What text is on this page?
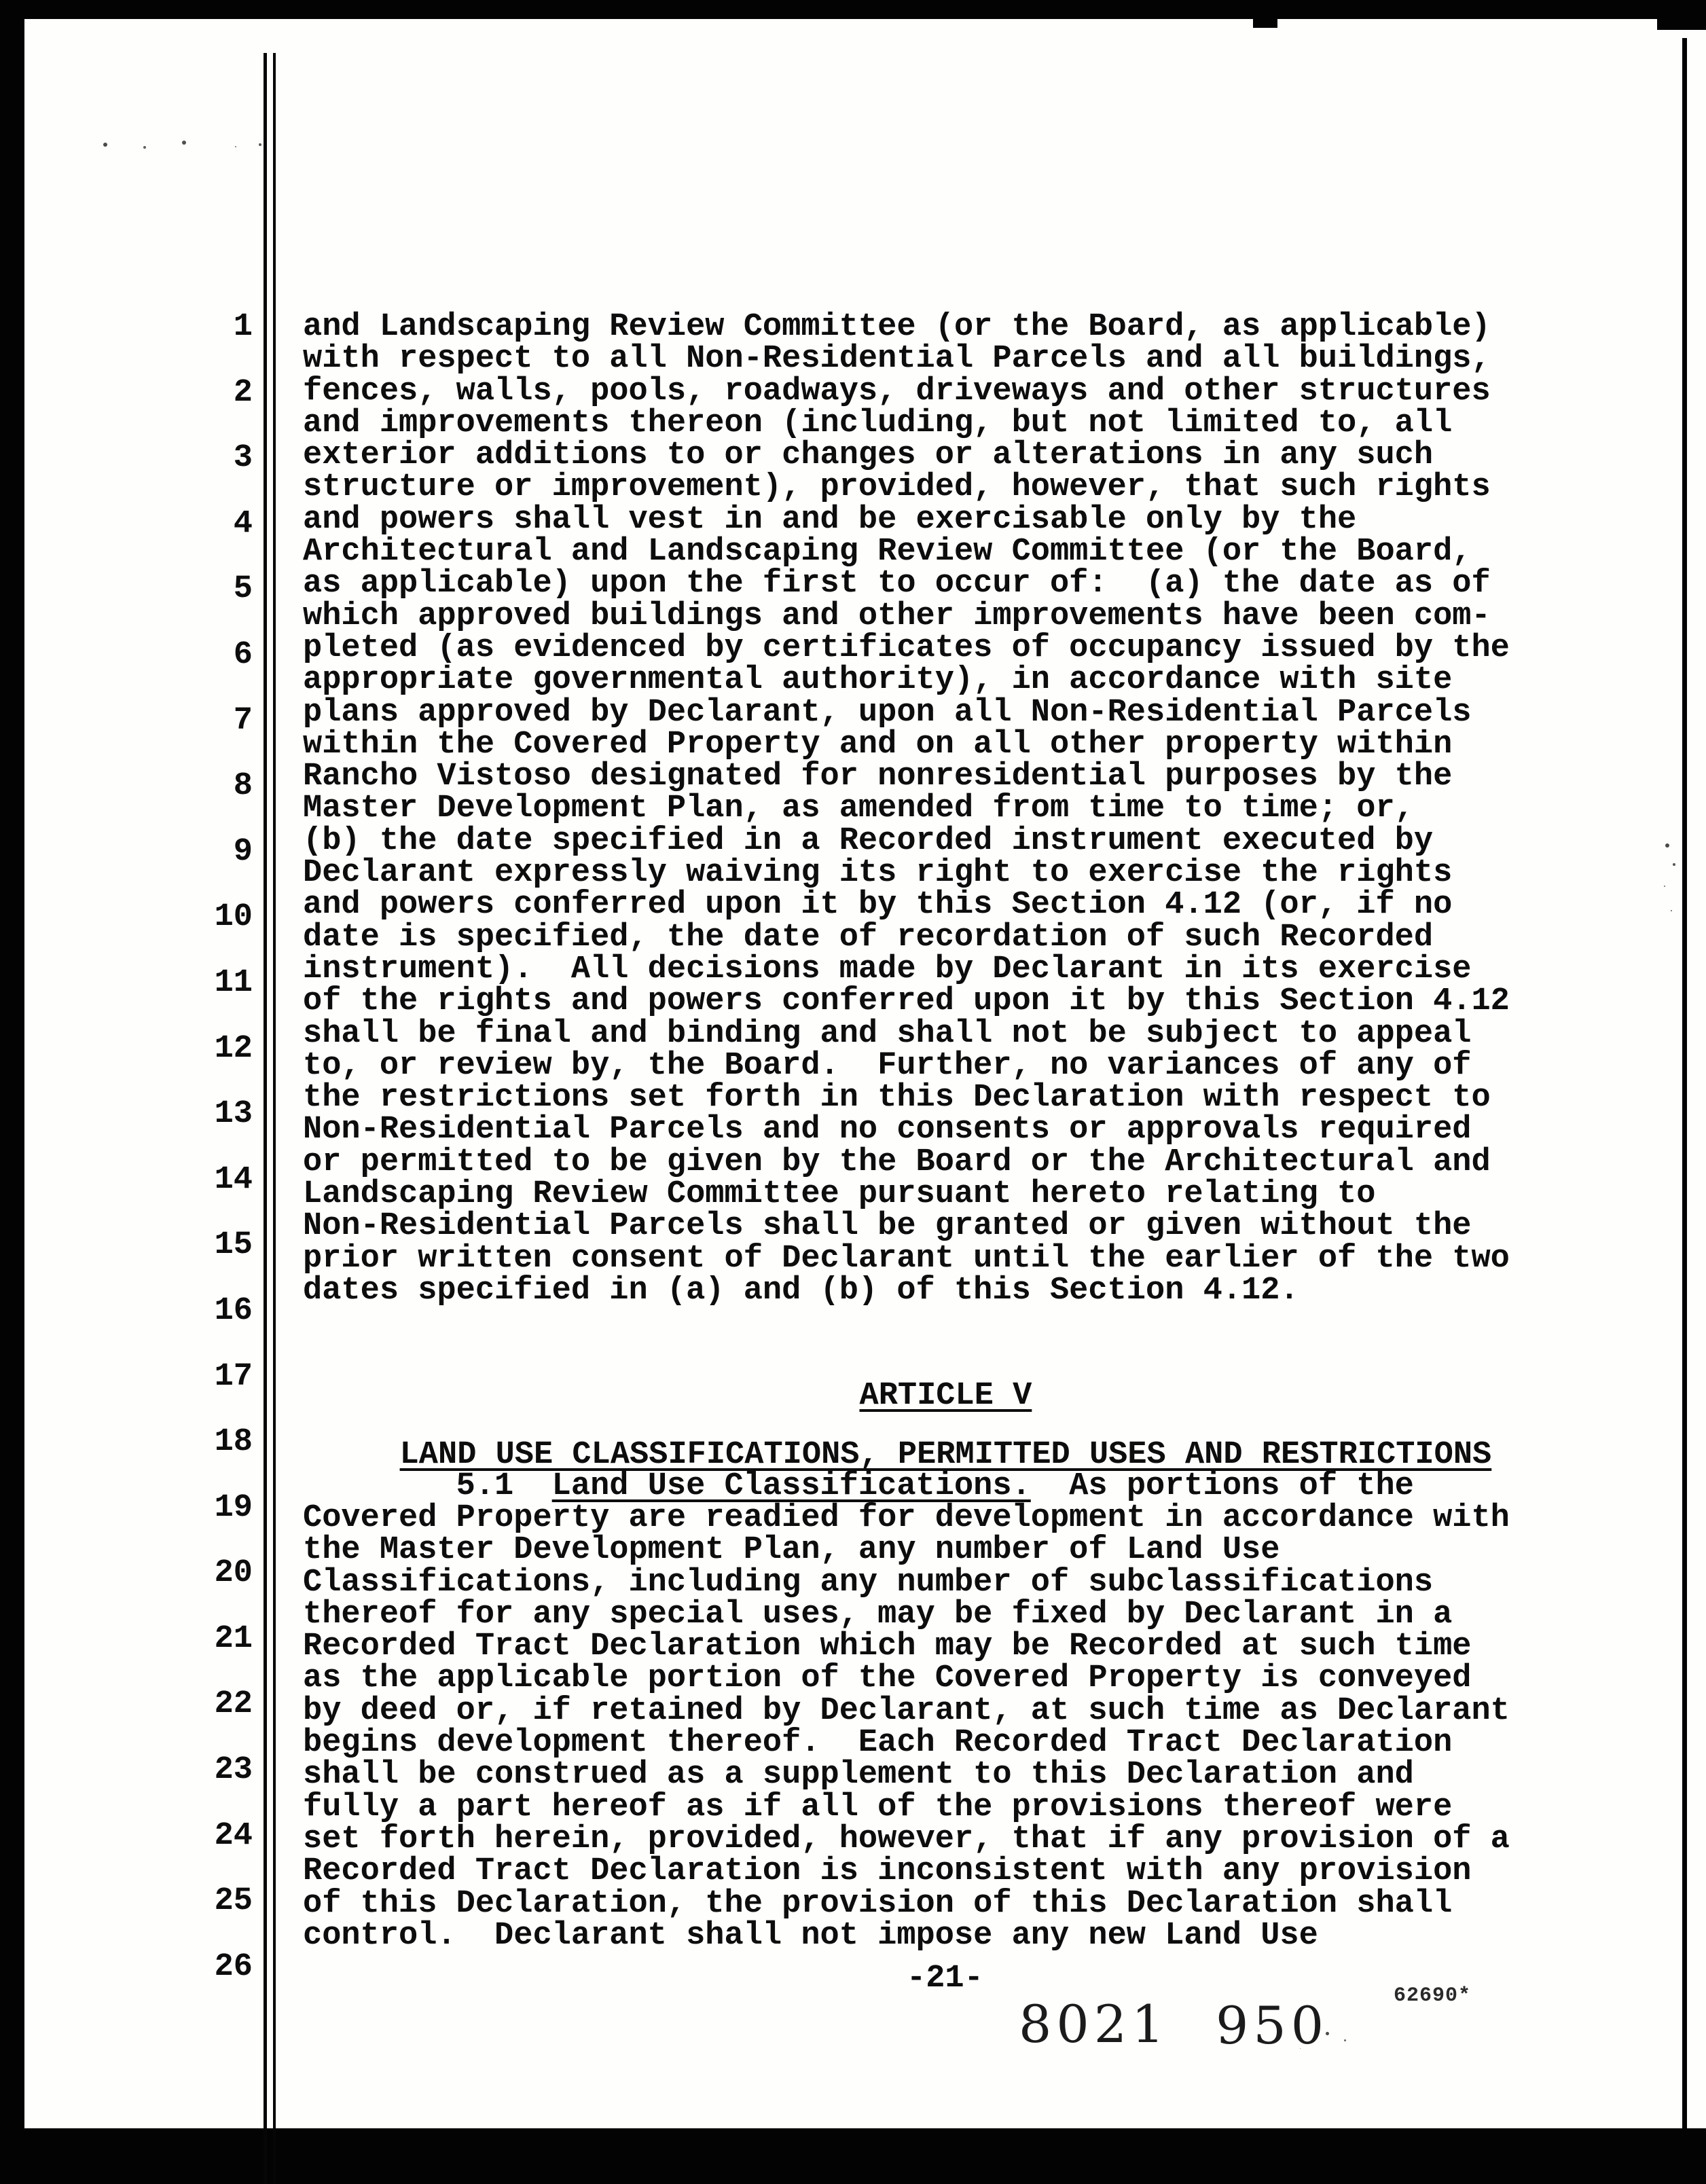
1
2
3
4
5
6
7
8
9
10
11
12
13
14
15
16
17
18
19
20
21
22
23
24
25
26
and Landscaping Review Committee (or the Board, as applicable)
with respect to all Non-Residential Parcels and all buildings,
fences, walls, pools, roadways, driveways and other structures
and improvements thereon (including, but not limited to, all
exterior additions to or changes or alterations in any such
structure or improvement), provided, however, that such rights
and powers shall vest in and be exercisable only by the
Architectural and Landscaping Review Committee (or the Board,
as applicable) upon the first to occur of:  (a) the date as of
which approved buildings and other improvements have been com-
pleted (as evidenced by certificates of occupancy issued by the
appropriate governmental authority), in accordance with site
plans approved by Declarant, upon all Non-Residential Parcels
within the Covered Property and on all other property within
Rancho Vistoso designated for nonresidential purposes by the
Master Development Plan, as amended from time to time; or,
(b) the date specified in a Recorded instrument executed by
Declarant expressly waiving its right to exercise the rights
and powers conferred upon it by this Section 4.12 (or, if no
date is specified, the date of recordation of such Recorded
instrument).  All decisions made by Declarant in its exercise
of the rights and powers conferred upon it by this Section 4.12
shall be final and binding and shall not be subject to appeal
to, or review by, the Board.  Further, no variances of any of
the restrictions set forth in this Declaration with respect to
Non-Residential Parcels and no consents or approvals required
or permitted to be given by the Board or the Architectural and
Landscaping Review Committee pursuant hereto relating to
Non-Residential Parcels shall be granted or given without the
prior written consent of Declarant until the earlier of the two
dates specified in (a) and (b) of this Section 4.12.

ARTICLE V

LAND USE CLASSIFICATIONS, PERMITTED USES AND RESTRICTIONS

5.1  Land Use Classifications.  As portions of the
Covered Property are readied for development in accordance with
the Master Development Plan, any number of Land Use
Classifications, including any number of subclassifications
thereof for any special uses, may be fixed by Declarant in a
Recorded Tract Declaration which may be Recorded at such time
as the applicable portion of the Covered Property is conveyed
by deed or, if retained by Declarant, at such time as Declarant
begins development thereof.  Each Recorded Tract Declaration
shall be construed as a supplement to this Declaration and
fully a part hereof as if all of the provisions thereof were
set forth herein, provided, however, that if any provision of a
Recorded Tract Declaration is inconsistent with any provision
of this Declaration, the provision of this Declaration shall
control.  Declarant shall not impose any new Land Use
-21-
8021 950	62690*
